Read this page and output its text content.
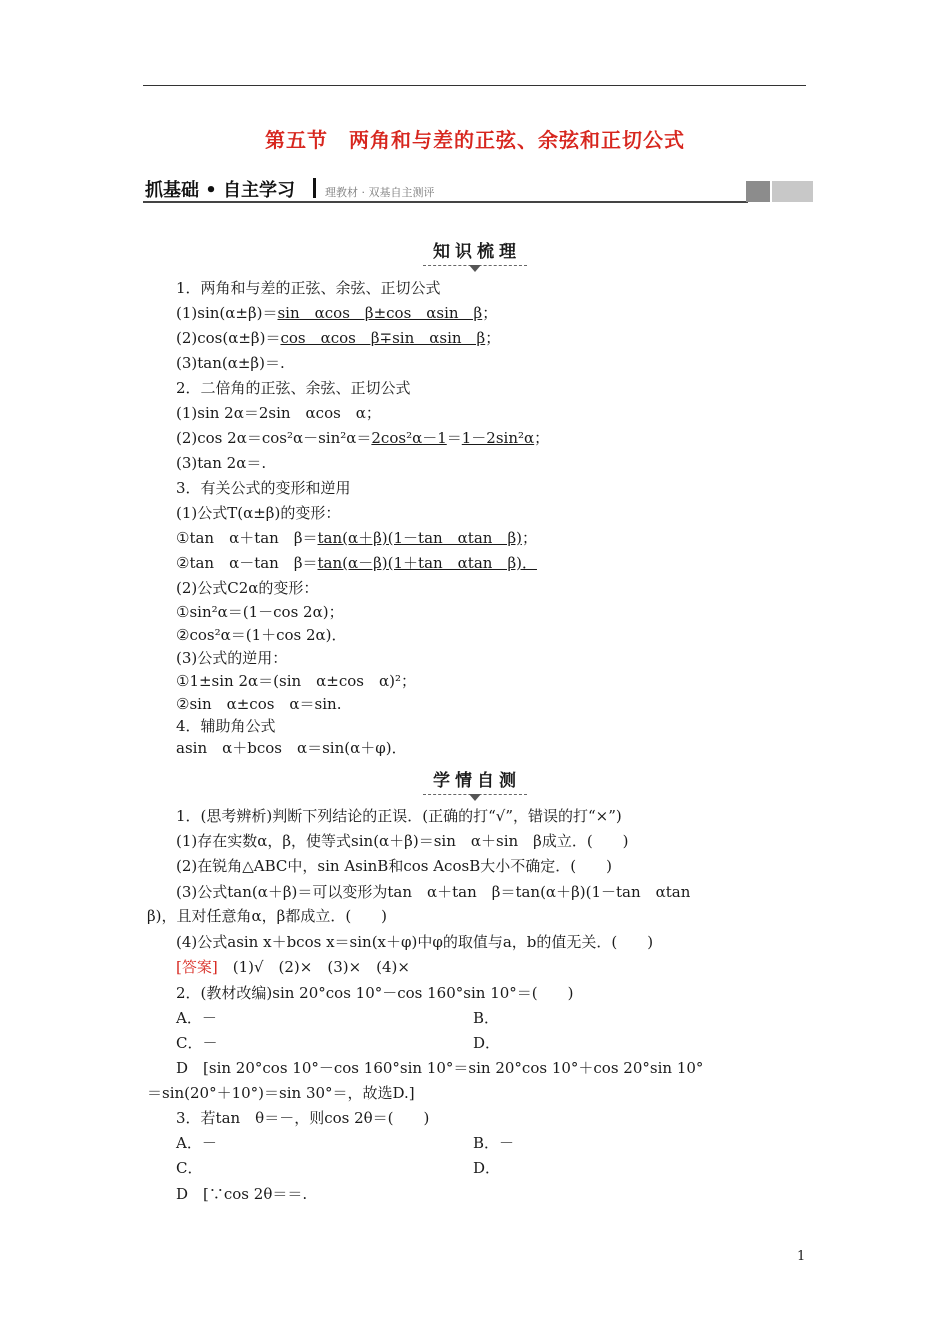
第五节　两角和与差的正弦、余弦和正切公式
抓基础 • 自主学习	理教材 · 双基自主测评
知识梳理
1．两角和与差的正弦、余弦、正切公式
(1)sin(α±β)＝sin　αcos　β±cos　αsin　β；
(2)cos(α±β)＝cos　αcos　β∓sin　αsin　β；
(3)tan(α±β)＝.
2．二倍角的正弦、余弦、正切公式
(1)sin 2α＝2sin　αcos　α；
(2)cos 2α＝cos²α－sin²α＝2cos²α－1＝1－2sin²α；
(3)tan 2α＝.
3．有关公式的变形和逆用
(1)公式T(α±β)的变形：
①tan　α＋tan　β＝tan(α＋β)(1－tan　αtan　β)；
②tan　α－tan　β＝tan(α－β)(1＋tan　αtan　β)．
(2)公式C2α的变形：
①sin²α＝(1－cos 2α)；
②cos²α＝(1＋cos 2α)．
(3)公式的逆用：
①1±sin 2α＝(sin　α±cos　α)²；
②sin　α±cos　α＝sin.
4．辅助角公式
asin　α＋bcos　α＝sin(α＋φ)．
学情自测
1．(思考辨析)判断下列结论的正误．(正确的打“√”，错误的打“×”)
(1)存在实数α，β，使等式sin(α＋β)＝sin　α＋sin　β成立．(　　)
(2)在锐角△ABC中，sin AsinB和cos AcosB大小不确定．(　　)
(3)公式tan(α＋β)＝可以变形为tan　α＋tan　β＝tan(α＋β)(1－tan　αtan
β)，且对任意角α，β都成立．(　　)
(4)公式asin x＋bcos x＝sin(x＋φ)中φ的取值与a，b的值无关．(　　)
[答案]　(1)√　(2)×　(3)×　(4)×
2．(教材改编)sin 20°cos 10°－cos 160°sin 10°＝(　　)
A．－
C．－
D　[sin 20°cos 10°－cos 160°sin 10°＝sin 20°cos 10°＋cos 20°sin 10°
＝sin(20°＋10°)＝sin 30°＝，故选D.]
3．若tan　θ＝－，则cos 2θ＝(　　)
A．－
C．
D　[∵cos 2θ＝＝.
B．
D．
B．－
D．
1
